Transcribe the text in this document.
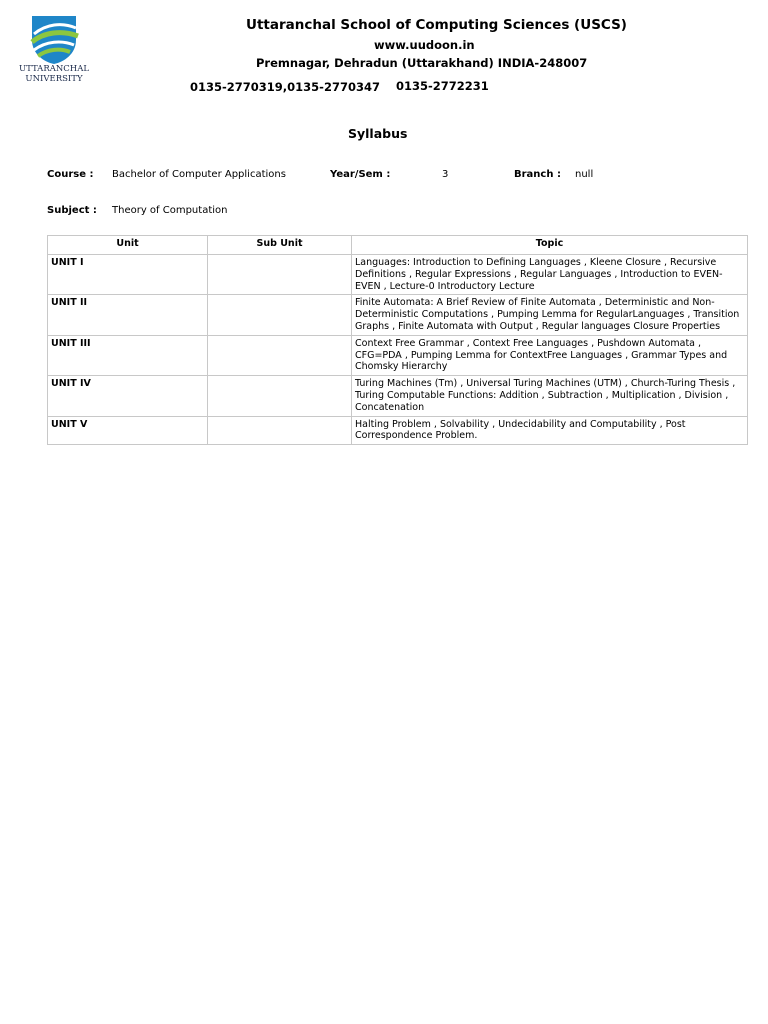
UTTARANCHAL
UNIVERSITY
Uttaranchal School of Computing Sciences (USCS)
www.uudoon.in
Premnagar, Dehradun (Uttarakhand) INDIA-248007
0135-2770319,0135-2770347 0135-2772231
Syllabus
Course : Bachelor of Computer Applications	Year/Sem :	3	Branch : null
Subject : Theory of Computation
Unit	Sub Unit	Topic
UNIT I		Languages: Introduction to Defining Languages , Kleene Closure , Recursive Definitions , Regular Expressions , Regular Languages , Introduction to EVEN-EVEN , Lecture-0 Introductory Lecture
UNIT II		Finite Automata: A Brief Review of Finite Automata , Deterministic and Non-Deterministic Computations , Pumping Lemma for RegularLanguages , Transition Graphs , Finite Automata with Output , Regular languages Closure Properties
UNIT III		Context Free Grammar , Context Free Languages , Pushdown Automata , CFG=PDA , Pumping Lemma for ContextFree Languages , Grammar Types and Chomsky Hierarchy
UNIT IV		Turing Machines (Tm) , Universal Turing Machines (UTM) , Church-Turing Thesis , Turing Computable Functions: Addition , Subtraction , Multiplication , Division , Concatenation
UNIT V		Halting Problem , Solvability , Undecidability and Computability , Post Correspondence Problem.
